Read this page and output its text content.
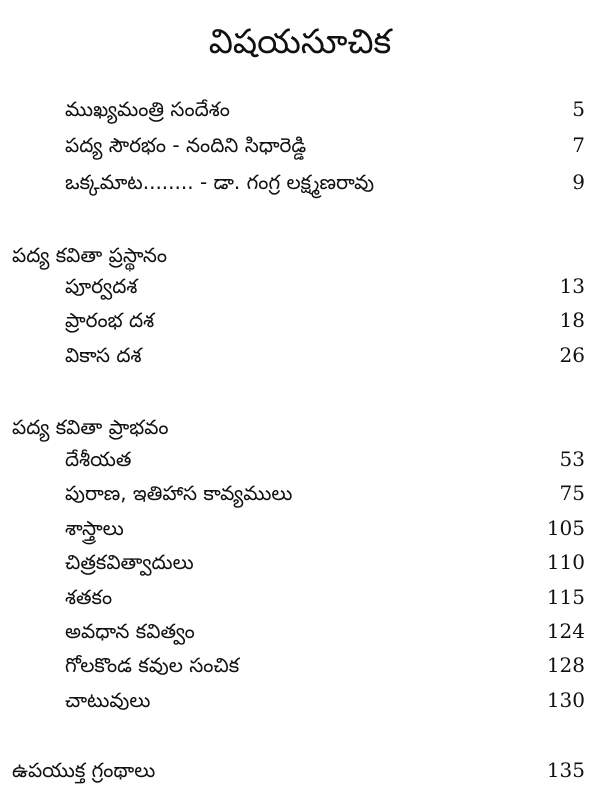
విషయసూచిక
ముఖ్యమంత్రి సందేశం	5
పద్య సౌరభం - నందిని సిధారెడ్డి	7
ఒక్కమాట........ - డా. గంగ్ర లక్ష్మణరావు	9
పద్య కవితా ప్రస్థానం
పూర్వదశ	13
ప్రారంభ దశ	18
వికాస దశ	26
పద్య కవితా ప్రాభవం
దేశీయత	53
పురాణ, ఇతిహాస కావ్యములు	75
శాస్త్రాలు	105
చిత్రకవిత్వాదులు	110
శతకం	115
అవధాన కవిత్వం	124
గోలకొండ కవుల సంచిక	128
చాటువులు	130
ఉపయుక్త గ్రంథాలు	135
